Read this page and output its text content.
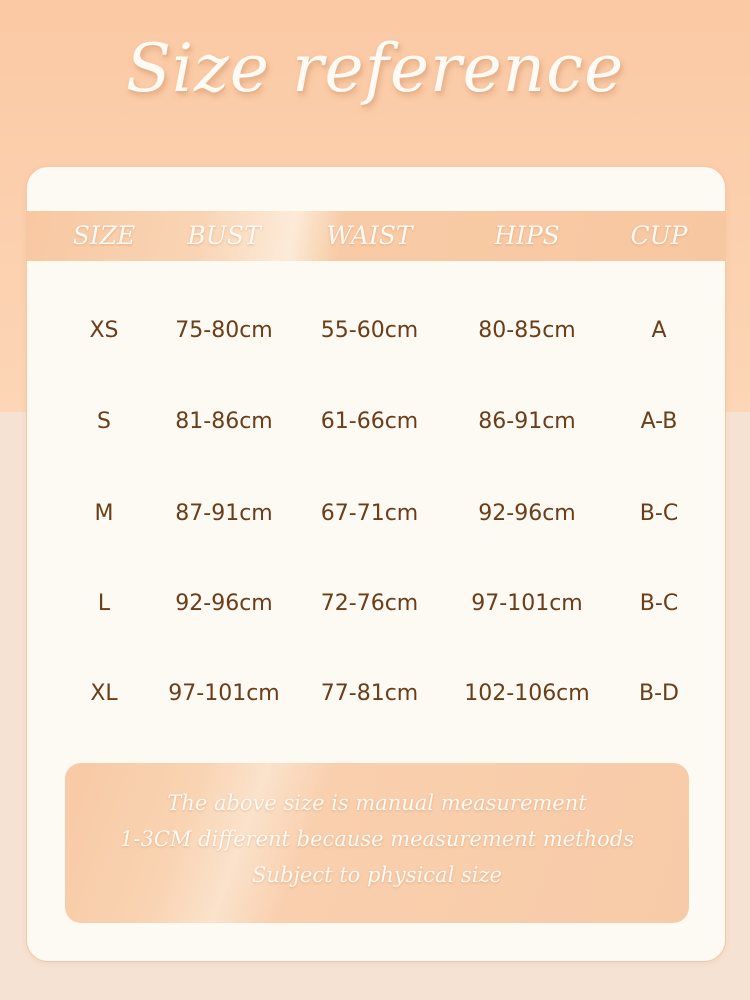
Size reference
SIZE	BUST	WAIST	HIPS	CUP
XS	75-80cm	55-60cm	80-85cm	A
S	81-86cm	61-66cm	86-91cm	A-B
M	87-91cm	67-71cm	92-96cm	B-C
L	92-96cm	72-76cm	97-101cm	B-C
XL	97-101cm	77-81cm	102-106cm	B-D
The above size is manual measurement
1-3CM different because measurement methods
Subject to physical size
